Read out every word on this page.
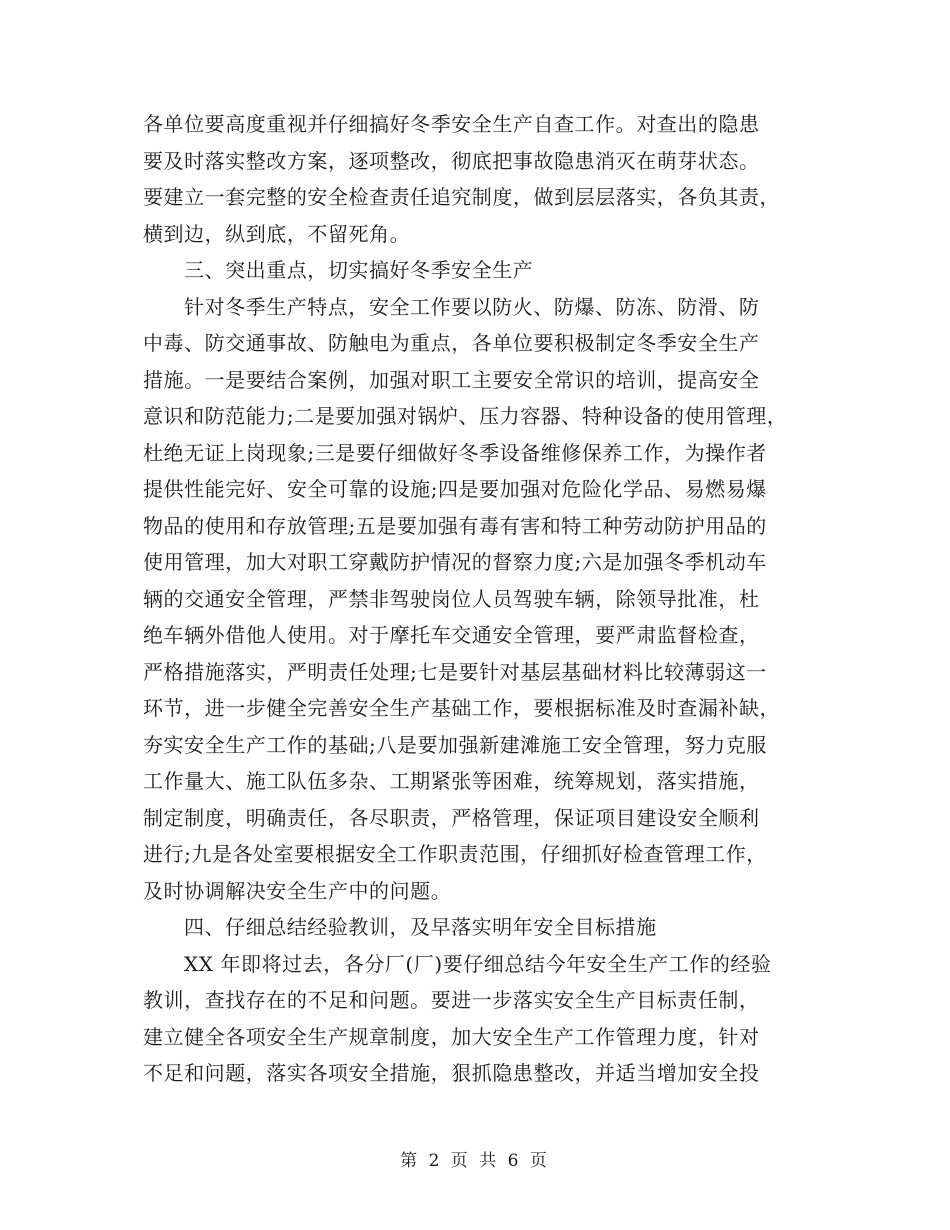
各单位要高度重视并仔细搞好冬季安全生产自查工作。对查出的隐患
要及时落实整改方案，逐项整改，彻底把事故隐患消灭在萌芽状态。
要建立一套完整的安全检查责任追究制度，做到层层落实，各负其责，
横到边，纵到底，不留死角。
三、突出重点，切实搞好冬季安全生产
针对冬季生产特点，安全工作要以防火、防爆、防冻、防滑、防
中毒、防交通事故、防触电为重点，各单位要积极制定冬季安全生产
措施。一是要结合案例，加强对职工主要安全常识的培训，提高安全
意识和防范能力;二是要加强对锅炉、压力容器、特种设备的使用管理，
杜绝无证上岗现象;三是要仔细做好冬季设备维修保养工作，为操作者
提供性能完好、安全可靠的设施;四是要加强对危险化学品、易燃易爆
物品的使用和存放管理;五是要加强有毒有害和特工种劳动防护用品的
使用管理，加大对职工穿戴防护情况的督察力度;六是加强冬季机动车
辆的交通安全管理，严禁非驾驶岗位人员驾驶车辆，除领导批准，杜
绝车辆外借他人使用。对于摩托车交通安全管理，要严肃监督检查，
严格措施落实，严明责任处理;七是要针对基层基础材料比较薄弱这一
环节，进一步健全完善安全生产基础工作，要根据标准及时查漏补缺，
夯实安全生产工作的基础;八是要加强新建滩施工安全管理，努力克服
工作量大、施工队伍多杂、工期紧张等困难，统筹规划，落实措施，
制定制度，明确责任，各尽职责，严格管理，保证项目建设安全顺利
进行;九是各处室要根据安全工作职责范围，仔细抓好检查管理工作，
及时协调解决安全生产中的问题。
四、仔细总结经验教训，及早落实明年安全目标措施
XX 年即将过去，各分厂(厂)要仔细总结今年安全生产工作的经验
教训，查找存在的不足和问题。要进一步落实安全生产目标责任制，
建立健全各项安全生产规章制度，加大安全生产工作管理力度，针对
不足和问题，落实各项安全措施，狠抓隐患整改，并适当增加安全投
第 2 页 共 6 页
